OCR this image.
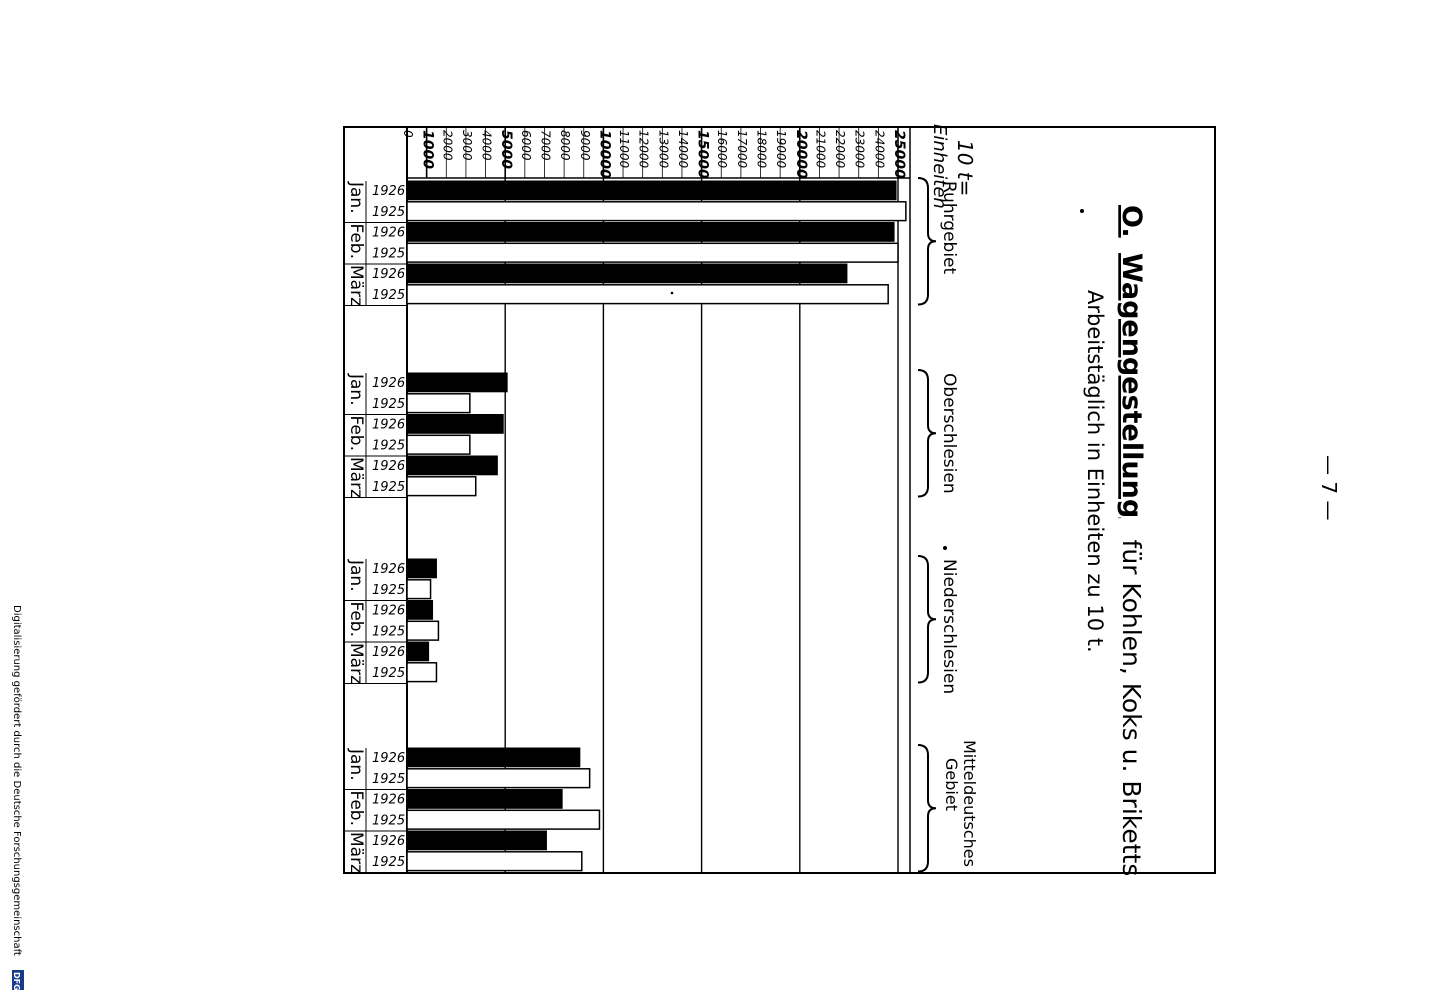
0 1000 2000 3000 4000 5000 6000 7000 8000 9000 10000 11000 12000 13000 14000 15000 16000 17000 18000 19000 20000 21000 22000 23000 24000 25000
1926
1925
Jan.
1926
1925
Feb.
1926
1925
März
1926
1925
Jan.
1926
1925
Feb.
1926
1925
März
1926
1925
Jan.
1926
1925
Feb.
1926
1925
März
1926
1925
Jan.
1926
1925
Feb.
1926
1925
März
Ruhrgebiet
Oberschlesien
Niederschlesien
MitteldeutschesGebiet
10 t=
Einheiten
O. Wagengestellung für Kohlen, Koks u. Briketts
Arbeitstäglich in Einheiten zu 10 t.	— 7 —
Digitalisierung gefördert durch die Deutsche Forschungsgemeinschaft
DFG
